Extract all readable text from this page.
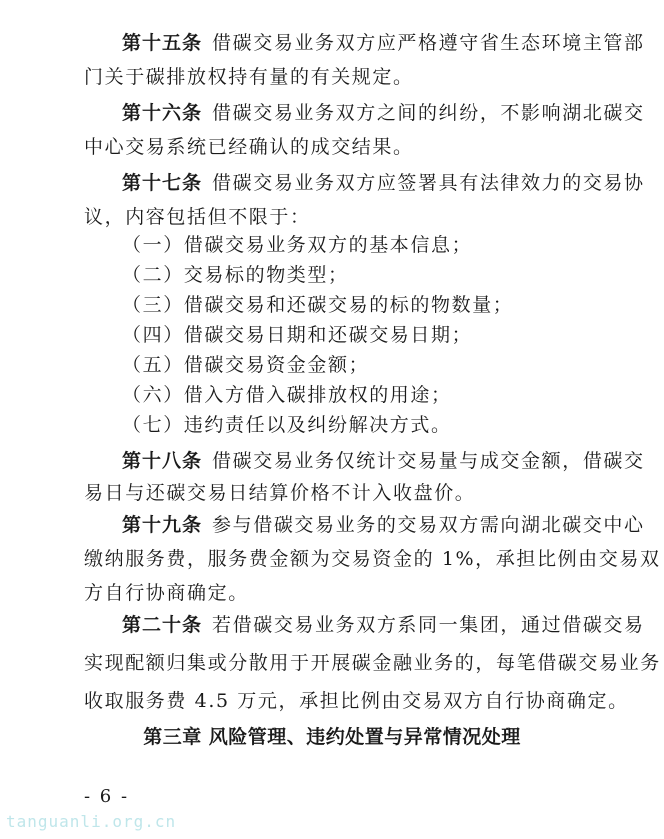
第十五条 借碳交易业务双方应严格遵守省生态环境主管部
门关于碳排放权持有量的有关规定。
第十六条 借碳交易业务双方之间的纠纷，不影响湖北碳交
中心交易系统已经确认的成交结果。
第十七条 借碳交易业务双方应签署具有法律效力的交易协
议，内容包括但不限于：
（一）借碳交易业务双方的基本信息；
（二）交易标的物类型；
（三）借碳交易和还碳交易的标的物数量；
（四）借碳交易日期和还碳交易日期；
（五）借碳交易资金金额；
（六）借入方借入碳排放权的用途；
（七）违约责任以及纠纷解决方式。
第十八条 借碳交易业务仅统计交易量与成交金额，借碳交
易日与还碳交易日结算价格不计入收盘价。
第十九条 参与借碳交易业务的交易双方需向湖北碳交中心
缴纳服务费，服务费金额为交易资金的 1%，承担比例由交易双
方自行协商确定。
第二十条 若借碳交易业务双方系同一集团，通过借碳交易
实现配额归集或分散用于开展碳金融业务的，每笔借碳交易业务
第三章 风险管理、违约处置与异常情况处理
- 6 -
tanguanli.org.cn
收取服务费 4.5 万元，承担比例由交易双方自行协商确定。
